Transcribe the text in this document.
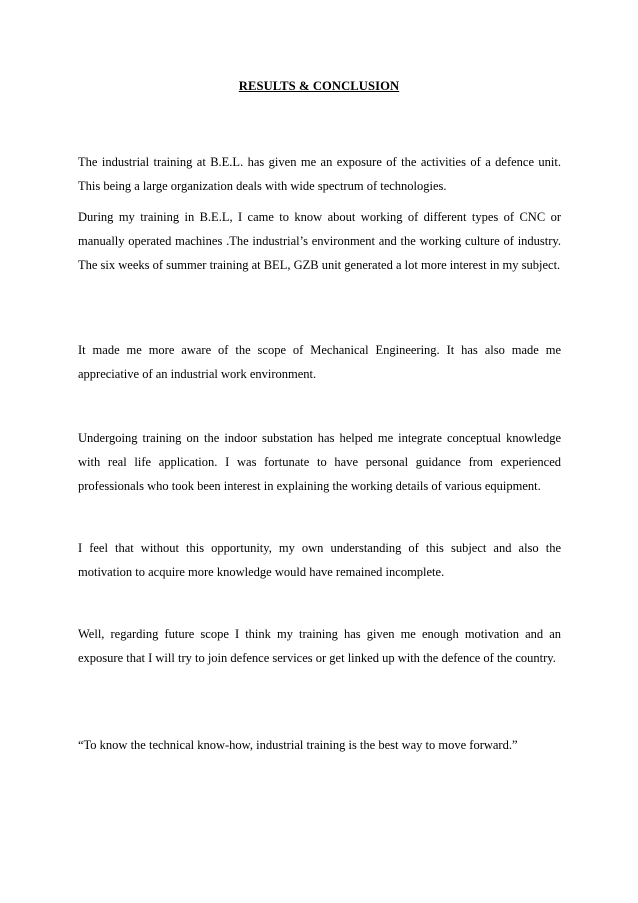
RESULTS & CONCLUSION

The industrial training at B.E.L. has given me an exposure of the activities of a defence unit. This being a large organization deals with wide spectrum of technologies.

During my training in B.E.L, I came to know about working of different types of CNC or manually operated machines .The industrial’s environment and the working culture of industry. The six weeks of summer training at BEL, GZB unit generated a lot more interest in my subject.

It made me more aware of the scope of Mechanical Engineering. It has also made me appreciative of an industrial work environment.

Undergoing training on the indoor substation has helped me integrate conceptual knowledge with real life application. I was fortunate to have personal guidance from experienced professionals who took been interest in explaining the working details of various equipment.

I feel that without this opportunity, my own understanding of this subject and also the motivation to acquire more knowledge would have remained incomplete.

Well, regarding future scope I think my training has given me enough motivation and an exposure that I will try to join defence services or get linked up with the defence of the country.

“To know the technical know-how, industrial training is the best way to move forward.”
